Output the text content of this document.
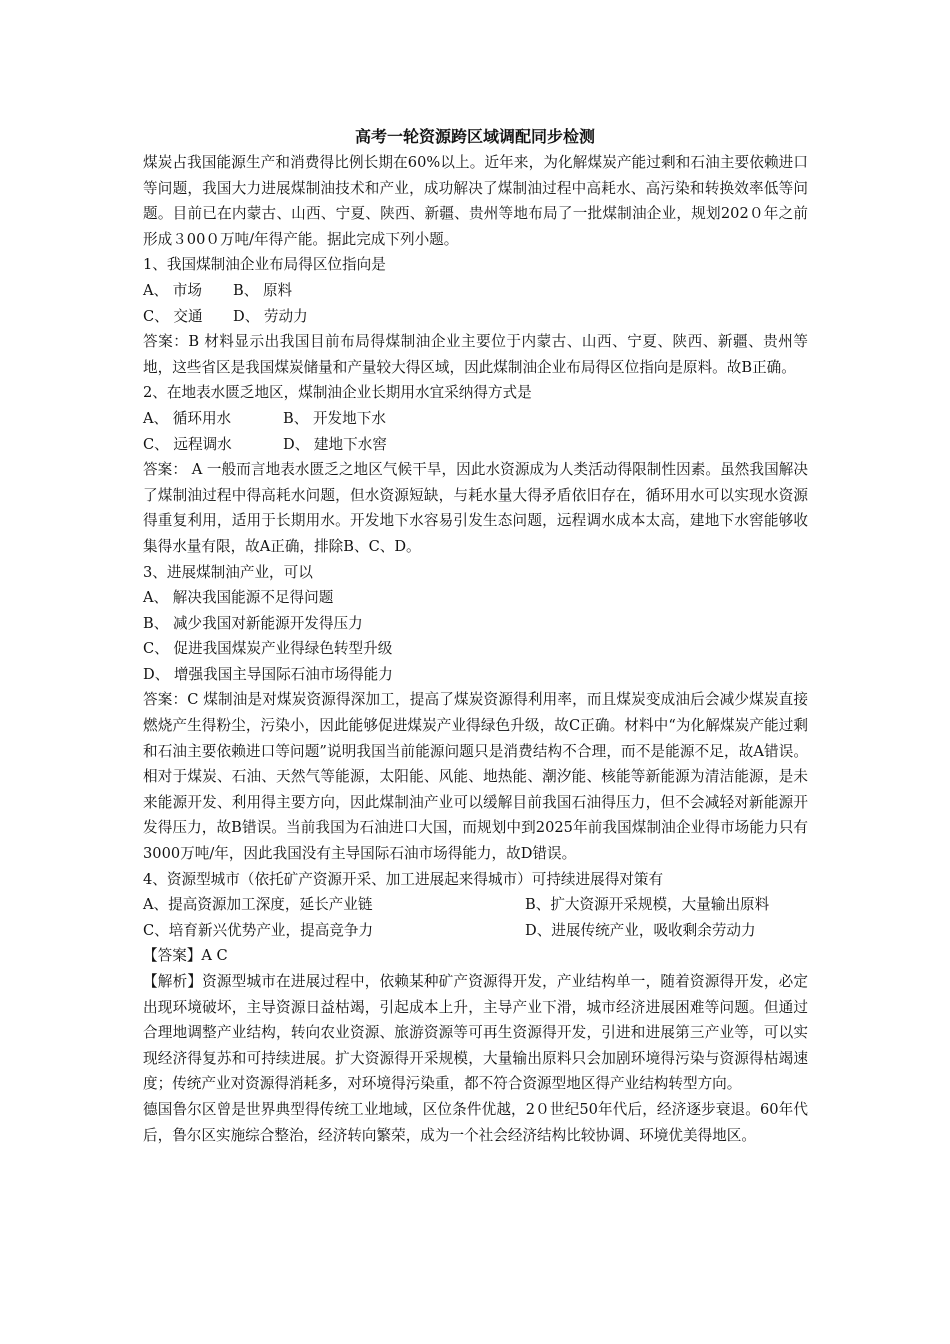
高考一轮资源跨区域调配同步检测

煤炭占我国能源生产和消费得比例长期在60%以上。近年来，为化解煤炭产能过剩和石油主要依赖进口等问题，我国大力进展煤制油技术和产业，成功解决了煤制油过程中高耗水、高污染和转换效率低等问题。目前已在内蒙古、山西、宁夏、陕西、新疆、贵州等地布局了一批煤制油企业，规划202０年之前形成３00０万吨/年得产能。据此完成下列小题。

1、我国煤制油企业布局得区位指向是

A、 市场	B、 原料
C、 交通	D、 劳动力

答案：B 材料显示出我国目前布局得煤制油企业主要位于内蒙古、山西、宁夏、陕西、新疆、贵州等地，这些省区是我国煤炭储量和产量较大得区域，因此煤制油企业布局得区位指向是原料。故B正确。

2、在地表水匮乏地区，煤制油企业长期用水宜采纳得方式是

A、 循环用水	B、 开发地下水
C、 远程调水	D、 建地下水窖

答案： A 一般而言地表水匮乏之地区气候干旱，因此水资源成为人类活动得限制性因素。虽然我国解决了煤制油过程中得高耗水问题，但水资源短缺，与耗水量大得矛盾依旧存在，循环用水可以实现水资源得重复利用，适用于长期用水。开发地下水容易引发生态问题，远程调水成本太高，建地下水窖能够收集得水量有限，故A正确，排除B、C、D。

3、进展煤制油产业，可以

A、 解决我国能源不足得问题

B、 减少我国对新能源开发得压力

C、 促进我国煤炭产业得绿色转型升级

D、 增强我国主导国际石油市场得能力

答案：C 煤制油是对煤炭资源得深加工，提高了煤炭资源得利用率，而且煤炭变成油后会减少煤炭直接燃烧产生得粉尘，污染小，因此能够促进煤炭产业得绿色升级，故C正确。材料中“为化解煤炭产能过剩和石油主要依赖进口等问题”说明我国当前能源问题只是消费结构不合理，而不是能源不足，故A错误。相对于煤炭、石油、天然气等能源，太阳能、风能、地热能、潮汐能、核能等新能源为清洁能源，是未来能源开发、利用得主要方向，因此煤制油产业可以缓解目前我国石油得压力，但不会减轻对新能源开发得压力，故B错误。当前我国为石油进口大国，而规划中到2025年前我国煤制油企业得市场能力只有3000万吨/年，因此我国没有主导国际石油市场得能力，故D错误。

4、资源型城市（依托矿产资源开采、加工进展起来得城市）可持续进展得对策有

A、提高资源加工深度，延长产业链	B、扩大资源开采规模，大量输出原料
C、培育新兴优势产业，提高竞争力	D、进展传统产业，吸收剩余劳动力

【答案】A C

【解析】资源型城市在进展过程中，依赖某种矿产资源得开发，产业结构单一，随着资源得开发，必定出现环境破坏，主导资源日益枯竭，引起成本上升，主导产业下滑，城市经济进展困难等问题。但通过合理地调整产业结构，转向农业资源、旅游资源等可再生资源得开发，引进和进展第三产业等，可以实现经济得复苏和可持续进展。扩大资源得开采规模，大量输出原料只会加剧环境得污染与资源得枯竭速度；传统产业对资源得消耗多，对环境得污染重，都不符合资源型地区得产业结构转型方向。

德国鲁尔区曾是世界典型得传统工业地域，区位条件优越，2０世纪50年代后，经济逐步衰退。60年代后，鲁尔区实施综合整治，经济转向繁荣，成为一个社会经济结构比较协调、环境优美得地区。
